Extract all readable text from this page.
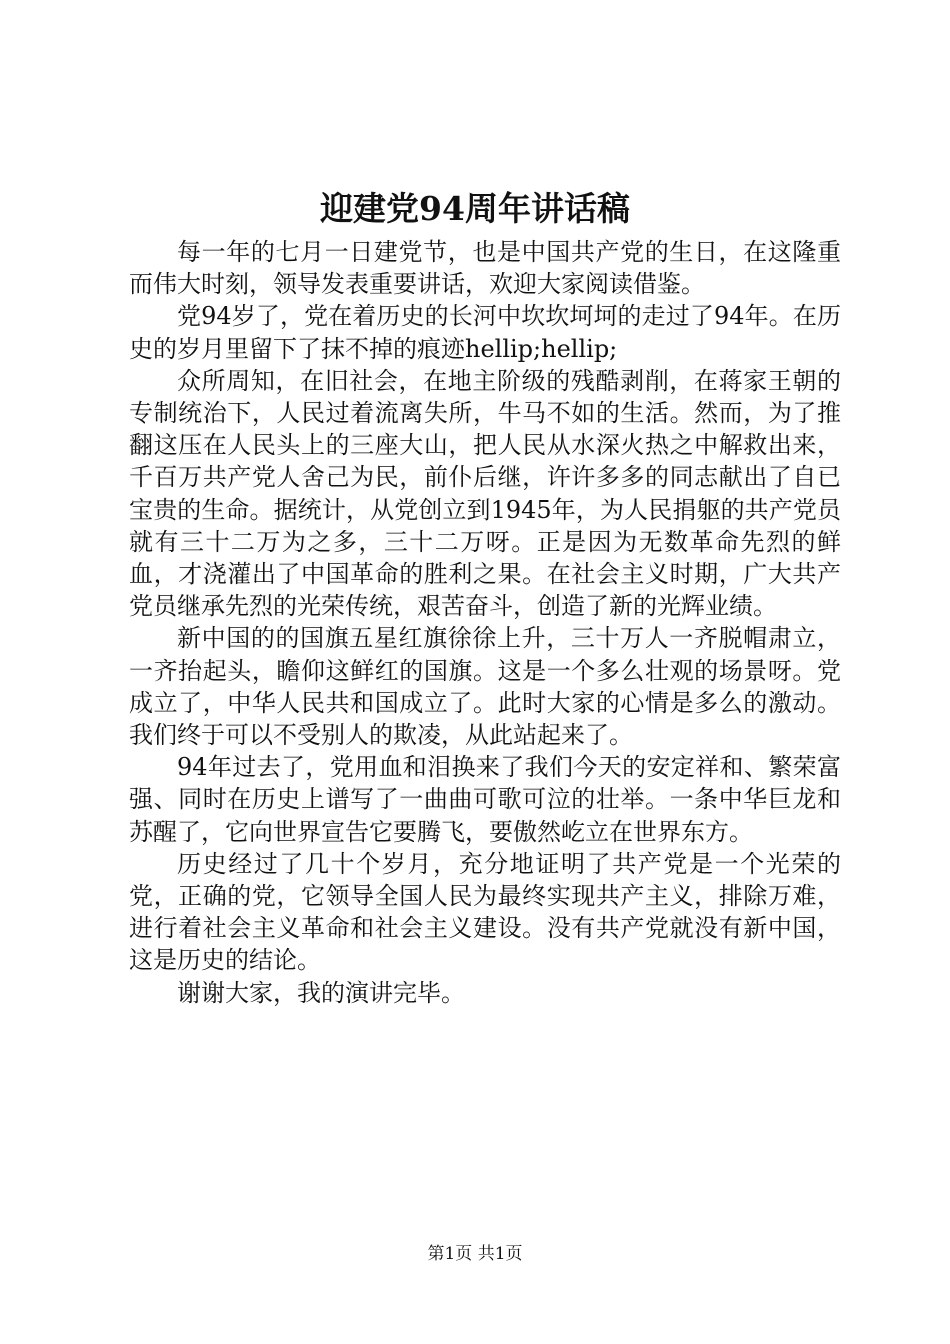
迎建党94周年讲话稿

每一年的七月一日建党节，也是中国共产党的生日，在这隆重而伟大时刻，领导发表重要讲话，欢迎大家阅读借鉴。

党94岁了，党在着历史的长河中坎坎坷坷的走过了94年。在历史的岁月里留下了抹不掉的痕迹hellip;hellip;

众所周知，在旧社会，在地主阶级的残酷剥削，在蒋家王朝的专制统治下，人民过着流离失所，牛马不如的生活。然而，为了推翻这压在人民头上的三座大山，把人民从水深火热之中解救出来，千百万共产党人舍己为民，前仆后继，许许多多的同志献出了自已宝贵的生命。据统计，从党创立到1945年，为人民捐躯的共产党员就有三十二万为之多，三十二万呀。正是因为无数革命先烈的鲜血，才浇灌出了中国革命的胜利之果。在社会主义时期，广大共产党员继承先烈的光荣传统，艰苦奋斗，创造了新的光辉业绩。

新中国的的国旗五星红旗徐徐上升，三十万人一齐脱帽肃立，一齐抬起头，瞻仰这鲜红的国旗。这是一个多么壮观的场景呀。党成立了，中华人民共和国成立了。此时大家的心情是多么的激动。我们终于可以不受别人的欺凌，从此站起来了。

94年过去了，党用血和泪换来了我们今天的安定祥和、繁荣富强、同时在历史上谱写了一曲曲可歌可泣的壮举。一条中华巨龙和苏醒了，它向世界宣告它要腾飞，要傲然屹立在世界东方。

历史经过了几十个岁月，充分地证明了共产党是一个光荣的党，正确的党，它领导全国人民为最终实现共产主义，排除万难，进行着社会主义革命和社会主义建设。没有共产党就没有新中国，这是历史的结论。

谢谢大家，我的演讲完毕。

第1页 共1页
